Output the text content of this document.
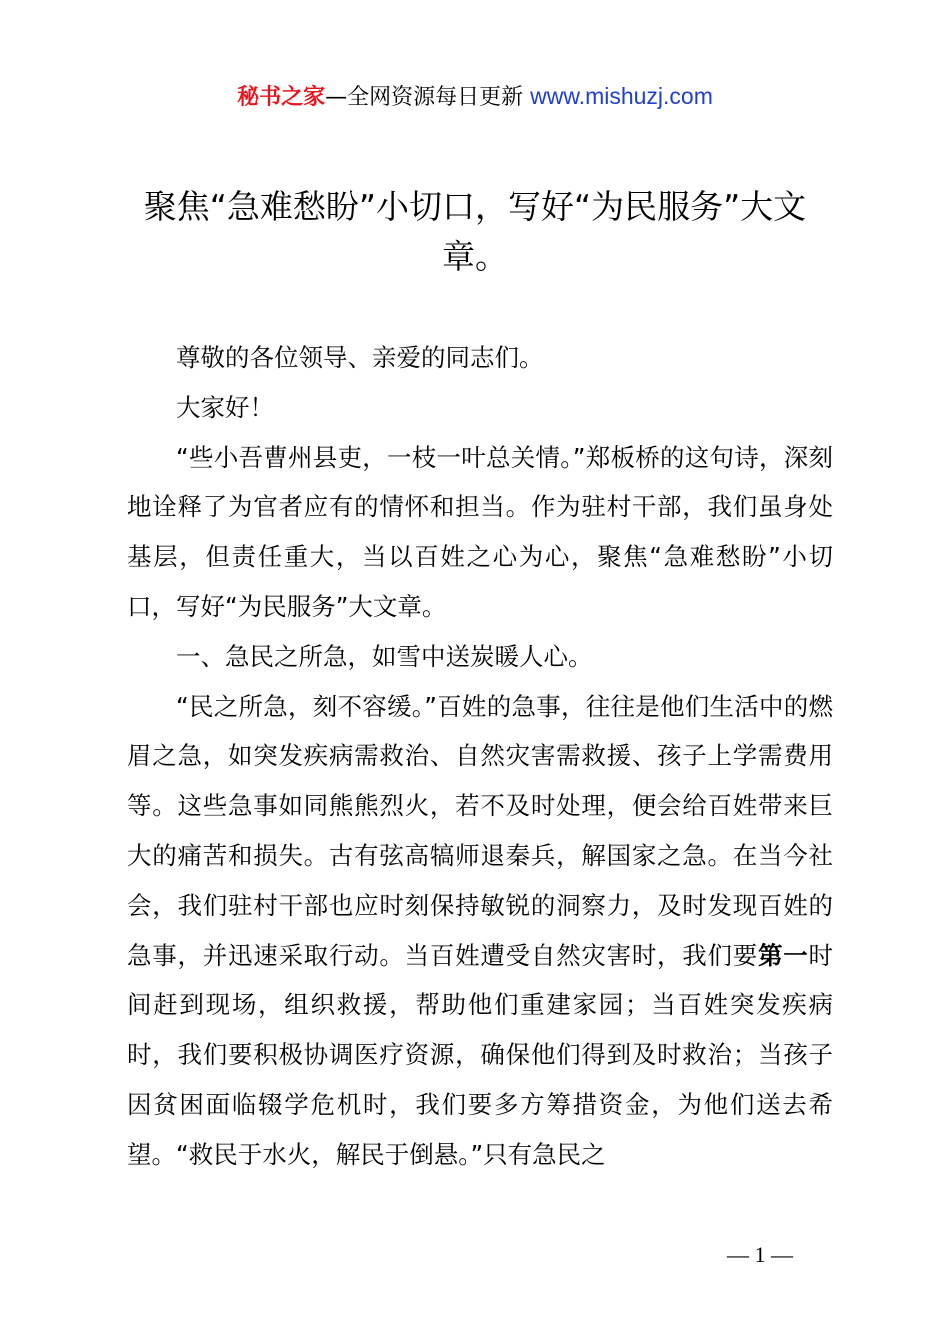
秘书之家—全网资源每日更新 www.mishuzj.com
聚焦“急难愁盼”小切口，写好“为民服务”大文章。

尊敬的各位领导、亲爱的同志们。

大家好！

“些小吾曹州县吏，一枝一叶总关情。”郑板桥的这句诗，深刻地诠释了为官者应有的情怀和担当。作为驻村干部，我们虽身处基层，但责任重大，当以百姓之心为心，聚焦“急难愁盼”小切口，写好“为民服务”大文章。

一、急民之所急，如雪中送炭暖人心。

“民之所急，刻不容缓。”百姓的急事，往往是他们生活中的燃眉之急，如突发疾病需救治、自然灾害需救援、孩子上学需费用等。这些急事如同熊熊烈火，若不及时处理，便会给百姓带来巨大的痛苦和损失。古有弦高犒师退秦兵，解国家之急。在当今社会，我们驻村干部也应时刻保持敏锐的洞察力，及时发现百姓的急事，并迅速采取行动。当百姓遭受自然灾害时，我们要第一时间赶到现场，组织救援，帮助他们重建家园；当百姓突发疾病时，我们要积极协调医疗资源，确保他们得到及时救治；当孩子因贫困面临辍学危机时，我们要多方筹措资金，为他们送去希望。“救民于水火，解民于倒悬。”只有急民之

— 1 —
